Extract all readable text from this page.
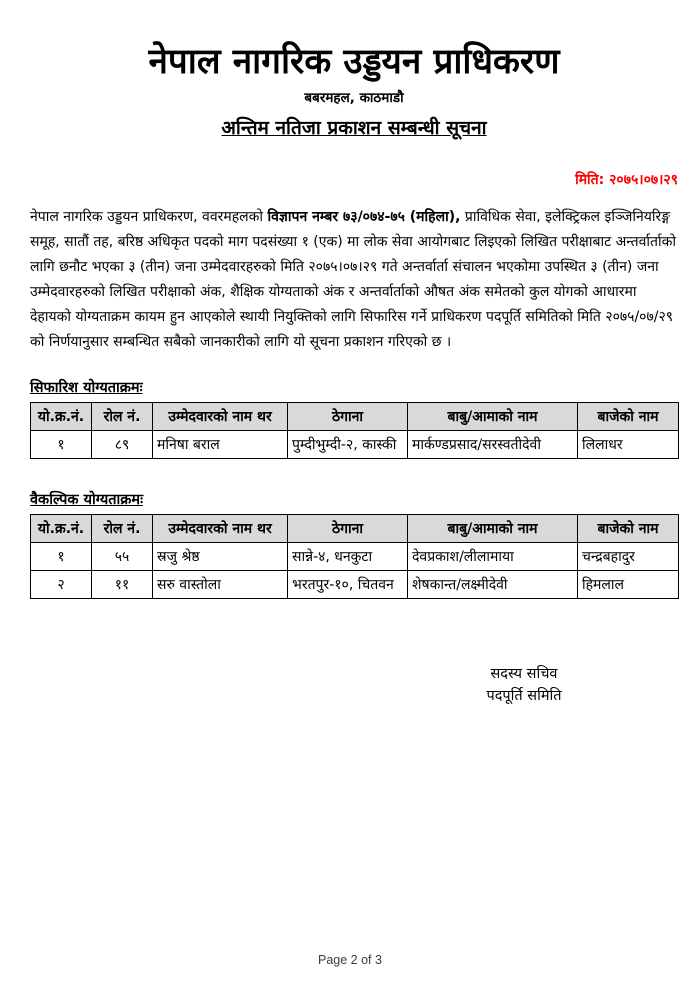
नेपाल नागरिक उड्डयन प्राधिकरण
बबरमहल, काठमाडौ
अन्तिम नतिजा प्रकाशन सम्बन्धी सूचना
मिति: २०७५।०७।२९

नेपाल नागरिक उड्डयन प्राधिकरण, ववरमहलको विज्ञापन नम्बर ७३/०७४-७५ (महिला), प्राविधिक सेवा, इलेक्ट्रिकल इञ्जिनियरिङ्ग समूह, सातौं तह, बरिष्ठ अधिकृत पदको माग पदसंख्या १ (एक) मा लोक सेवा आयोगबाट लिइएको लिखित परीक्षाबाट अन्तर्वार्ताको लागि छनौट भएका ३ (तीन) जना उम्मेदवारहरुको मिति २०७५।०७।२९ गते अन्तर्वार्ता संचालन भएकोमा उपस्थित ३ (तीन) जना उम्मेदवारहरुको लिखित परीक्षाको अंक, शैक्षिक योग्यताको अंक र अन्तर्वार्ताको औषत अंक समेतको कुल योगको आधारमा देहायको योग्यताक्रम कायम हुन आएकोले स्थायी नियुक्तिको लागि सिफारिस गर्ने प्राधिकरण पदपूर्ति समितिको मिति २०७५/०७/२९ को निर्णयानुसार सम्बन्धित सबैको जानकारीको लागि यो सूचना प्रकाशन गरिएको छ ।

सिफारिश योग्यताक्रमः
यो.क्र.नं.	रोल नं.	उम्मेदवारको नाम थर	ठेगाना	बाबु/आमाको नाम	बाजेको नाम
१	८९	मनिषा बराल	पुम्दीभुम्दी-२, कास्की	मार्कण्डप्रसाद/सरस्वतीदेवी	लिलाधर
वैकल्पिक योग्यताक्रमः
यो.क्र.नं.	रोल नं.	उम्मेदवारको नाम थर	ठेगाना	बाबु/आमाको नाम	बाजेको नाम
१	५५	स्रजु श्रेष्ठ	सान्ने-४, धनकुटा	देवप्रकाश/लीलामाया	चन्द्रबहादुर
२	११	सरु वास्तोला	भरतपुर-१०, चितवन	शेषकान्त/लक्ष्मीदेवी	हिमलाल
सदस्य सचिव
पदपूर्ति समिति
Page 2 of 3
